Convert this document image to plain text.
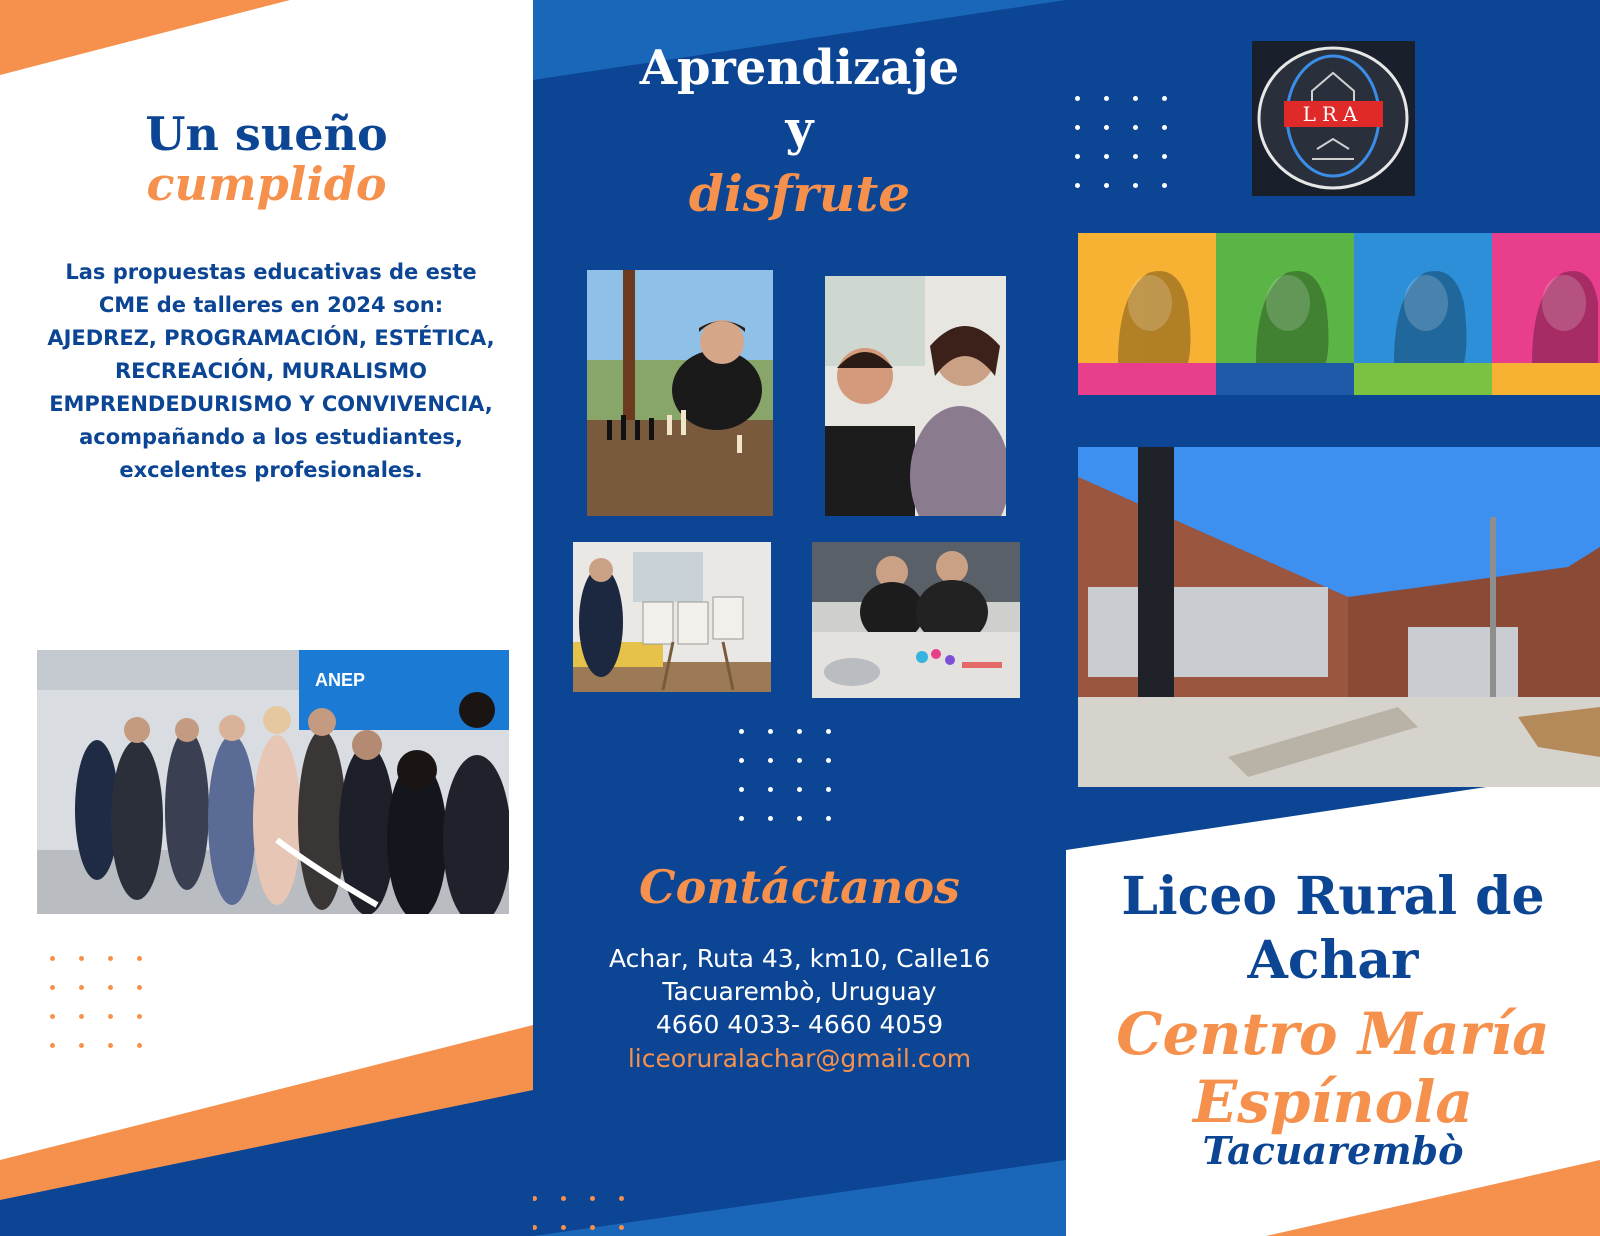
Un sueño
cumplido
Las propuestas educativas de este CME de talleres en 2024 son: AJEDREZ, PROGRAMACIÓN, ESTÉTICA, RECREACIÓN, MURALISMO EMPRENDEDURISMO Y CONVIVENCIA, acompañando a los estudiantes, excelentes profesionales.
ANEP
Aprendizaje
y
disfrute
Contáctanos
Achar, Ruta 43, km10, Calle16
Tacuarembò, Uruguay
4660 4033- 4660 4059
liceoruralachar@gmail.com
LRA
Liceo Rural de Achar
Centro María Espínola
Tacuarembò
